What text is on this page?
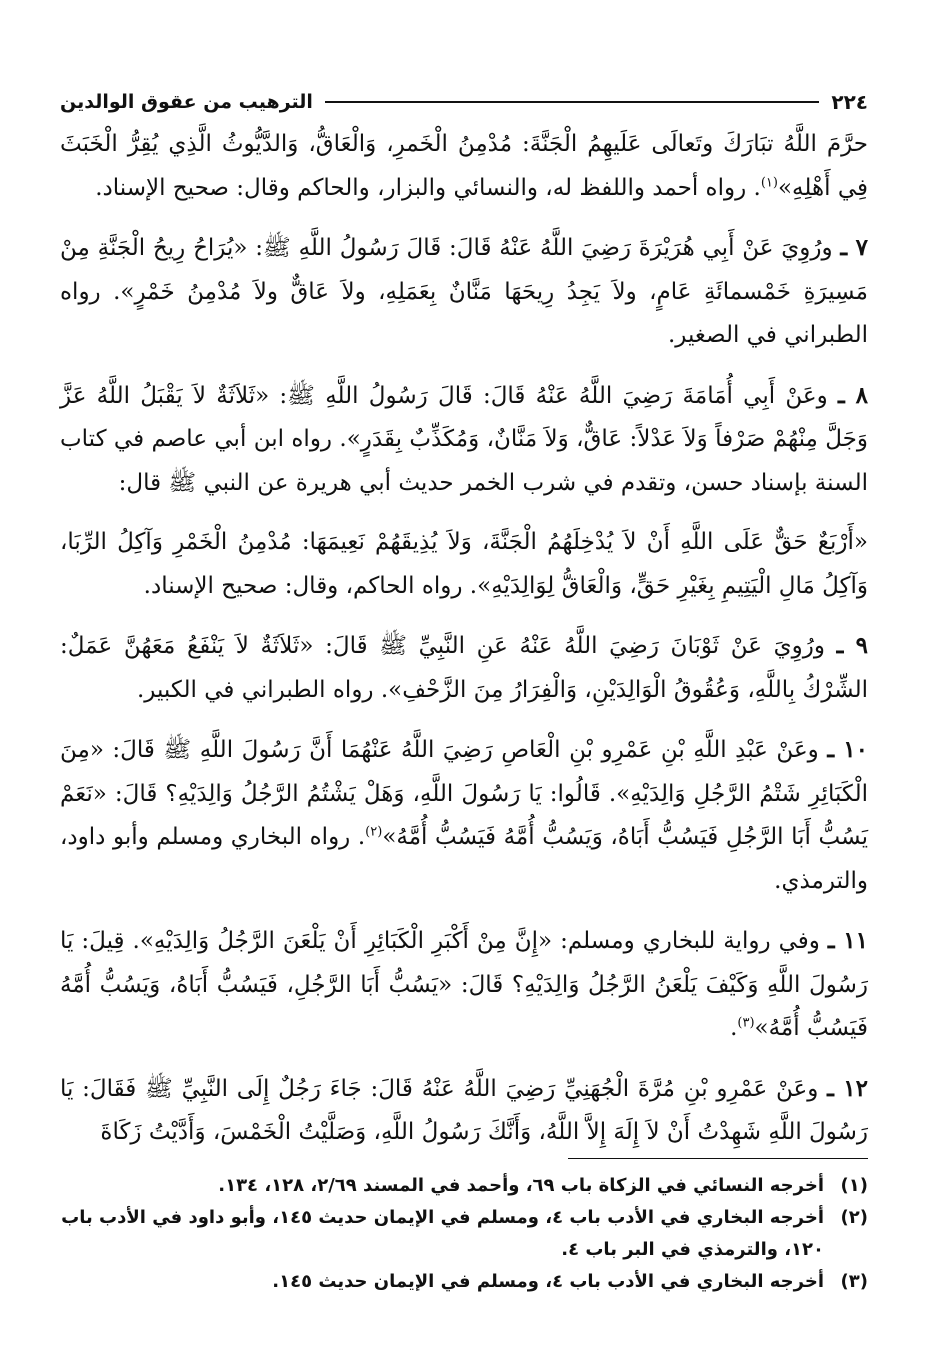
٢٢٤
الترهيب من عقوق الوالدين

حرَّمَ اللَّهُ تبَارَكَ وتَعالَى عَلَيهِمُ الْجَنَّةَ: مُدْمِنُ الْخَمرِ، وَالْعَاقُّ، وَالدَّيُّوثُ الَّذِي يُقِرُّ الْخَبَثَ فِي أَهْلِهِ»$^{(١)}$. رواه أحمد واللفظ له، والنسائي والبزار، والحاكم وقال: صحيح الإسناد.

٧ ـ ورُوِيَ عَنْ أَبِي هُرَيْرَةَ رَضِيَ اللَّهُ عَنْهُ قَالَ: قَالَ رَسُولُ اللَّهِ ﷺ: «يُرَاحُ رِيحُ الْجَنَّةِ مِنْ مَسِيرَةِ خَمْسمائَةِ عَامٍ، ولاَ يَجِدُ رِيحَهَا مَنَّانٌ بِعَمَلِهِ، ولاَ عَاقٌّ ولاَ مُدْمِنُ خَمْرٍ». رواه الطبراني في الصغير.

٨ ـ وعَنْ أَبِي أُمَامَةَ رَضِيَ اللَّهُ عَنْهُ قَالَ: قَالَ رَسُولُ اللَّهِ ﷺ: «ثَلاَثَةٌ لاَ يَقْبَلُ اللَّهُ عَزَّ وَجَلَّ مِنْهُمْ صَرْفاً وَلاَ عَدْلاً: عَاقٌّ، وَلاَ مَنَّانٌ، وَمُكَذِّبٌ بِقَدَرٍ». رواه ابن أبي عاصم في كتاب السنة بإسناد حسن، وتقدم في شرب الخمر حديث أبي هريرة عن النبي ﷺ قال:

«أَرْبَعٌ حَقٌّ عَلَى اللَّهِ أَنْ لاَ يُدْخِلَهُمُ الْجَنَّةَ، وَلاَ يُذِيقَهُمْ نَعِيمَهَا: مُدْمِنُ الْخَمْرِ وَآكِلُ الرِّبَا، وَآكِلُ مَالِ الْيَتِيمِ بِغَيْرِ حَقٍّ، وَالْعَاقُّ لِوَالِدَيْهِ». رواه الحاكم، وقال: صحيح الإسناد.

٩ ـ ورُوِيَ عَنْ ثَوْبَانَ رَضِيَ اللَّهُ عَنْهُ عَنِ النَّبِيِّ ﷺ قَالَ: «ثَلاَثَةٌ لاَ يَنْفَعُ مَعَهُنَّ عَمَلٌ: الشِّرْكُ بِاللَّهِ، وَعُقُوقُ الْوَالِدَيْنِ، وَالْفِرَارُ مِنَ الزَّحْفِ». رواه الطبراني في الكبير.

١٠ ـ وعَنْ عَبْدِ اللَّهِ بْنِ عَمْرِو بْنِ الْعَاصِ رَضِيَ اللَّهُ عَنْهُمَا أَنَّ رَسُولَ اللَّهِ ﷺ قَالَ: «مِنَ الْكَبَائِرِ شَتْمُ الرَّجُلِ وَالِدَيْهِ». قَالُوا: يَا رَسُولَ اللَّهِ، وَهَلْ يَشْتُمُ الرَّجُلُ وَالِدَيْهِ؟ قَالَ: «نَعَمْ يَسُبُّ أَبَا الرَّجُلِ فَيَسُبُّ أَبَاهُ، وَيَسُبُّ أُمَّهُ فَيَسُبُّ أُمَّهُ»$^{(٢)}$. رواه البخاري ومسلم وأبو داود، والترمذي.

١١ ـ وفي رواية للبخاري ومسلم: «إِنَّ مِنْ أَكْبَرِ الْكَبَائِرِ أَنْ يَلْعَنَ الرَّجُلُ وَالِدَيْهِ». قِيلَ: يَا رَسُولَ اللَّهِ وَكَيْفَ يَلْعَنُ الرَّجُلُ وَالِدَيْهِ؟ قَالَ: «يَسُبُّ أَبَا الرَّجُلِ، فَيَسُبُّ أَبَاهُ، وَيَسُبُّ أُمَّهُ فَيَسُبُّ أُمَّهُ»$^{(٣)}$.

١٢ ـ وعَنْ عَمْرِو بْنِ مُرَّةَ الْجُهَنِيِّ رَضِيَ اللَّهُ عَنْهُ قَالَ: جَاءَ رَجُلٌ إِلَى النَّبِيِّ ﷺ فَقَالَ: يَا رَسُولَ اللَّهِ شَهِدْتُ أَنْ لاَ إِلَهَ إِلاَّ اللَّهُ، وَأَنَّكَ رَسُولُ اللَّهِ، وَصَلَّيْتُ الْخَمْسَ، وَأَدَّيْتُ زَكَاةَ

(١)
أخرجه النسائي في الزكاة باب ٦٩، وأحمد في المسند ٢/٦٩، ١٢٨، ١٣٤.
(٢)
أخرجه البخاري في الأدب باب ٤، ومسلم في الإيمان حديث ١٤٥، وأبو داود في الأدب باب ١٢٠، والترمذي في البر باب ٤.
(٣)
أخرجه البخاري في الأدب باب ٤، ومسلم في الإيمان حديث ١٤٥.
